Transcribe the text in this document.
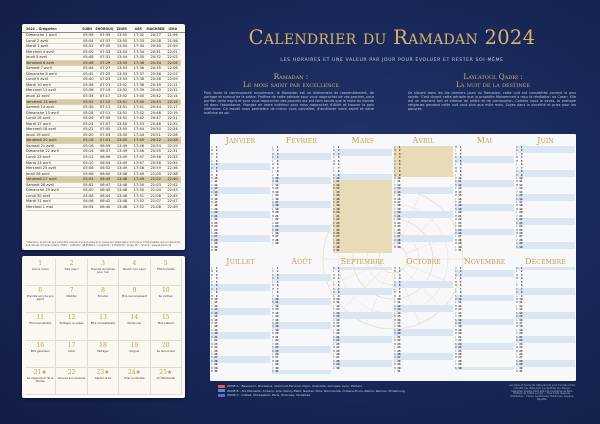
2024 – Grégorien	SUBH	SHOROUQ ZHOR	ASR	MAGHREB	ISHA
Dimanche 1 avril	05:58	07:39	13:55	17:32	20:27	21:56
Lundi 2 avril	05:54	07:37	13:55	17:33	20:28	21:58
Mardi 3 avril	05:52	07:35	13:54	17:34	20:30	21:59
Mercredi 4 avril	05:50	07:33	13:54	17:34	20:31	22:01
Jeudi 5 avril	05:48	07:31	13:54	17:35	20:32	22:02
Vendredi 6 avril	05:46	07:29	13:53	17:36	20:34	22:04
Samedi 7 avril	05:44	07:27	13:53	17:36	20:35	22:06
Dimanche 8 avril	05:42	07:25	13:53	17:37	20:36	22:07
Lundi 9 avril	05:40	07:23	13:53	17:38	20:38	22:09
Mardi 10 avril	05:38	07:21	13:52	17:38	20:39	22:11
Mercredi 11 avril	05:36	07:19	13:52	17:39	20:40	22:12
Jeudi 12 avril	05:34	07:17	13:52	17:40	20:42	22:14
Vendredi 13 avril	05:32	07:15	13:51	17:40	20:43	22:16
Samedi 14 avril	05:30	07:13	13:51	17:41	20:44	22:17
Dimanche 15 avril	05:28	07:11	13:51	17:42	20:46	22:19
Lundi 16 avril	05:26	07:09	13:51	17:42	20:47	22:21
Mardi 17 avril	05:24	07:07	13:50	17:43	20:48	22:22
Mercredi 18 avril	05:22	07:05	13:50	17:44	20:50	22:24
Jeudi 19 avril	05:20	07:03	13:50	17:44	20:51	22:26
Vendredi 20 avril	05:18	07:01	13:50	17:45	20:52	22:28
Samedi 21 avril	05:16	06:59	13:49	17:46	20:54	22:29
Dimanche 22 avril	05:14	06:57	13:49	17:46	20:55	22:31
Lundi 23 avril	05:12	06:56	13:49	17:47	20:56	22:33
Mardi 24 avril	05:10	06:54	13:49	17:47	20:58	22:35
Mercredi 25 avril	05:08	06:52	13:49	17:48	20:59	22:36
Jeudi 26 avril	05:06	06:50	13:48	17:49	21:00	22:38
Vendredi 27 avril	05:04	06:49	13:48	17:49	21:02	22:40
Samedi 28 avril	05:02	06:47	13:48	17:50	21:03	22:42
Dimanche 29 avril	05:00	06:45	13:48	17:50	21:04	22:43
Lundi 30 avril	04:58	06:44	13:48	17:51	21:06	22:45
Mardi 31 avril	04:56	06:42	13:48	17:52	21:07	22:47
Mercredi 1 mai	04:54	06:40	13:48	17:52	21:08	22:49
*Attention, le dernier jour peut être avancé d'une journée pour cause de l'observation de la lune. Il est possible que le calendrier soit décalé. Horaires à Paris 75001 - Latitude : 48.856614 - Longitude : 2.3522219 - Angle 15° - Source : www.al-kanz.org
1
Lire le coran
2
Dire merci
3
Prendre du temps pour moi
4
Nourrir son cœur
5
Être honnête
6
Prendre soin de son esprit
7
Méditer
8
Écouter
9
Être reconnaissant
10
Se cultiver
11
Être bienveillant
12
Partager un repas
13
Être compatissant
14
Pardonner
15
Être patient
16
Être généreux
17
Aider
18
Partager
19
Soigner
20
Se réconcilier
21★
Se rapprocher de la famille
22
Donner aux pauvres
23★
Garder la foi
24★
Prier en famille
25★
Aïd Moubarak
Calendrier du Ramadan 2024
LES HORAIRES ET UNE VALEUR PAR JOUR POUR ÉVOLUER ET RESTER SOI-MÊME
Ramadan :
Le mois saint par excellence
Pour toute la communauté musulmane, le Ramadan est un événement de rassemblement, de partage et surtout de la prière. Profitez de cette période pour vous rapprocher de vos proches, pour purifier votre esprit et pour vous rapprocher des pauvres qui ont faim tandis que le reste du monde vit dans l'abondance. Plongez en votre intérieur pour vous rapprocher d'Allah et trouver la paix intérieure. Ce travail vous permettra de mieux vous connaître, d'améliorer votre esprit et votre maîtrise de soi.
Laylatoul Qadri :
La nuit de la destinée
Se situant dans les dix derniers jours du Ramadan, cette nuit est considérée comme la plus sainte. C'est durant cette période que la prophète Mohammed a reçu la révélation du Coran. Elle est un moment fort et intense de prière et de communion. Comme vous le savez, la pratique religieuse pendant cette nuit vaut plus que mille mois. Soyez dans la sincérité et priez pour les pauvres.
Janvier
L	1
M	2
M	3
J	4
V	5
S	6
D	7
L	8
M	9
M 10
J	11
V 12
S 13
D 14
L 15
M 16
M 17
J	18
V 19
S 20
D 21
L 22
M 23
M 24
J	25
V 26
S 27
D 28
L 29
M 30
M 31
Février
J	1
V	2
S	3
D	4
L	5
M	6
M	7
J	8
V	9
S 10
D 11
L 12
M 13
M 14
J	15
V 16
S 17
D 18
L 19
M 20
M 21
J	22
V 23
S 24
D 25
L 26
M 27
M 28
J	29
Mars
V	1
S	2
D	3
L	4
M	5
M	6
J	7
V	8
S	9
D 10
L 11
M 12
M 13
J	14
V 15
S 16
D 17
L 18
M 19
M 20
J	21
V 22
S 23
D 24
L 25
M 26
M 27
J	28
V 29
S 30
D 31
Avril
L	1
M	2
M	3
J	4
V	5
S	6
D	7
L	8
M	9
M 10
J	11
V 12
S 13
D 14
L 15
M 16
M 17
J	18
V 19
S 20
D 21
L 22
M 23
M 24
J	25
V 26
S 27
D 28
L 29
M 30
Mai
M	1
J	2
V	3
S	4
D	5
L	6
M	7
M	8
J	9
V 10
S 11
D 12
L 13
M 14
M 15
J	16
V 17
S 18
D 19
L 20
M 21
M 22
J	23
V 24
S 25
D 26
L 27
M 28
M 29
J	30
V 31
Juin
S	1
D	2
L	3
M	4
M	5
J	6
V	7
S	8
D	9
L 10
M 11
M 12
J	13
V 14
S 15
D 16
L 17
M 18
M 19
J	20
V 21
S 22
D 23
L 24
M 25
M 26
J	27
V 28
S 29
D 30
Juillet
L	1
M	2
M	3
J	4
V	5
S	6
D	7
L	8
M	9
M 10
J	11
V 12
S 13
D 14
L 15
M 16
M 17
J	18
V 19
S 20
D 21
L 22
M 23
M 24
J	25
V 26
S 27
D 28
L 29
M 30
M 31
Août
J	1
V	2
S	3
D	4
L	5
M	6
M	7
J	8
V	9
S 10
D 11
L 12
M 13
M 14
J	15
V 16
S 17
D 18
L 19
M 20
M 21
J	22
V 23
S 24
D 25
L 26
M 27
M 28
J	29
V 30
S 31
Septembre
D	1
L	2
M	3
M	4
J	5
V	6
S	7
D	8
L	9
M 10
M 11
J	12
V 13
S 14
D 15
L 16
M 17
M 18
J	19
V 20
S 21
D 22
L 23
M 24
M 25
J	26
V 27
S 28
D 29
L 30
Octobre
M	1
M	2
J	3
V	4
S	5
D	6
L	7
M	8
M	9
J	10
V 11
S 12
D 13
L 14
M 15
M 16
J	17
V 18
S 19
D 20
L 21
M 22
M 23
J	24
V 25
S 26
D 27
L 28
M 29
M 30
J	31
Novembre
V	1
S	2
D	3
L	4
M	5
M	6
J	7
V	8
S	9
D 10
L 11
M 12
M 13
J	14
V 15
S 16
D 17
L 18
M 19
M 20
J	21
V 22
S 23
D 24
L 25
M 26
M 27
J	28
V 29
S 30
Décembre
D	1
L	2
M	3
M	4
J	5
V	6
S	7
D	8
L	9
M 10
M 11
J	12
V 13
S 14
D 15
L 16
M 17
M 18
J	19
V 20
S 21
D 22
L 23
M 24
M 25
J	26
V 27
S 28
D 29
L 30
M 31
ZONE A : Besançon, Bordeaux, Clermont-Ferrand, Dijon, Grenoble, Limoges, Lyon, Poitiers
ZONE B : Aix-Marseille, Amiens, Lille, Nancy-Metz, Nantes, Nice, Normandie, Orléans-Tours, Reims, Rennes, Strasbourg
ZONE C : Créteil, Montpellier, Paris, Toulouse, Versailles
Les dates et heures de cette période sont données à titre indicatif. Ces dates sont susceptibles de changer. Calendrier scolaire 2023-2024 de l'académie de Paris. Éditions de l'Arbre à soleil — Tous droits réservés. Distribution : France, Guadeloupe, Martinique, Guyane, Mayotte.
